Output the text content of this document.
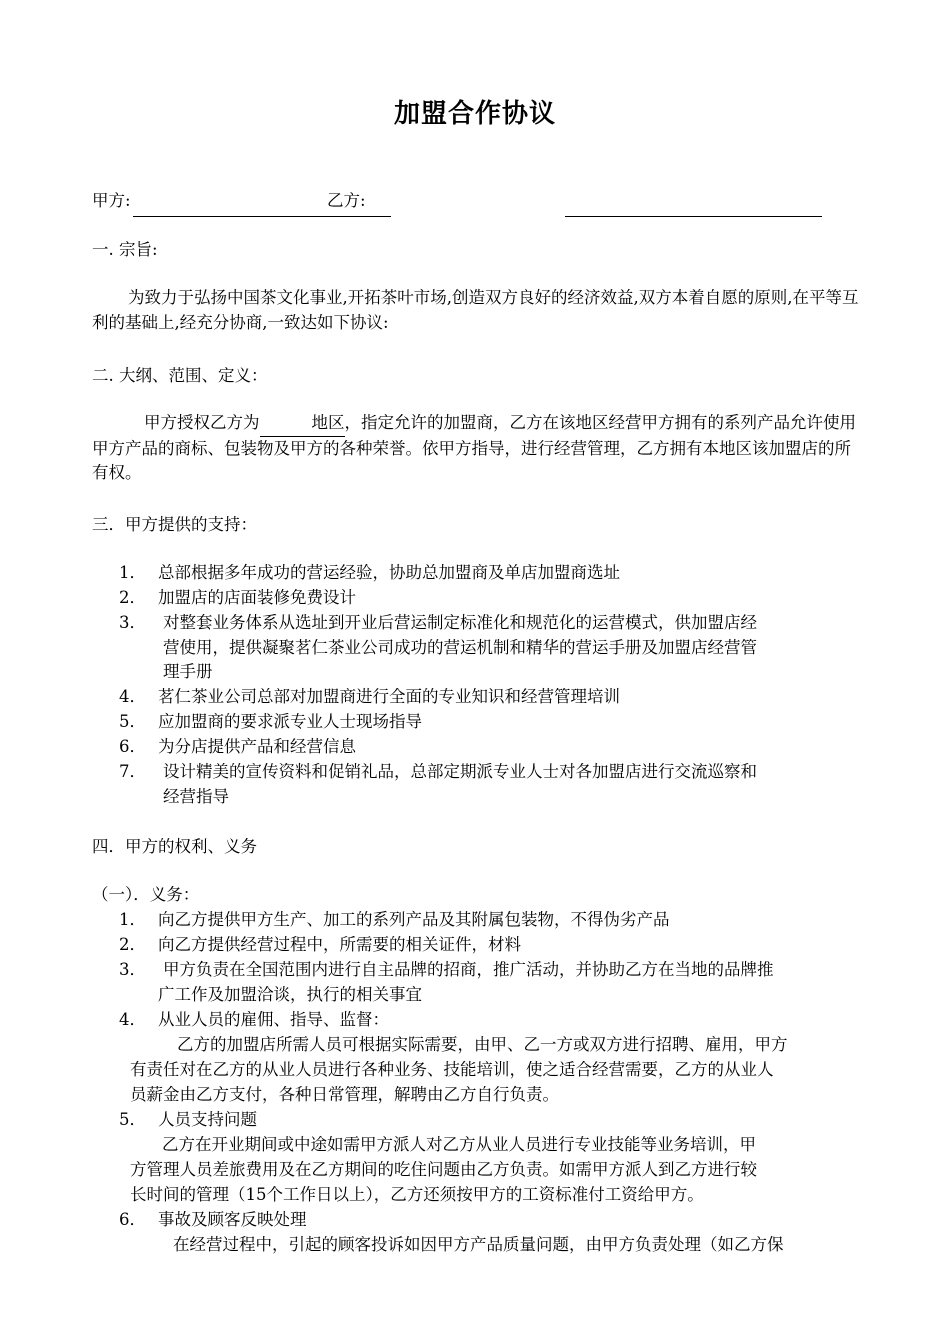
加盟合作协议
甲方:	乙方:
一. 宗旨:
为致力于弘扬中国茶文化事业,开拓茶叶市场,创造双方良好的经济效益,双方本着自愿的原则,在平等互利的基础上,经充分协商,一致达如下协议:
二. 大纲、范围、定义：
甲方授权乙方为	地区，指定允许的加盟商，乙方在该地区经营甲方拥有的系列产品允许使用甲方产品的商标、包装物及甲方的各种荣誉。依甲方指导，进行经营管理，乙方拥有本地区该加盟店的所有权。
三．甲方提供的支持：
1． 总部根据多年成功的营运经验，协助总加盟商及单店加盟商选址
2． 加盟店的店面装修免费设计
3． 对整套业务体系从选址到开业后营运制定标准化和规范化的运营模式，供加盟店经
营使用，提供凝聚茗仁茶业公司成功的营运机制和精华的营运手册及加盟店经营管
理手册
4． 茗仁茶业公司总部对加盟商进行全面的专业知识和经营管理培训
5． 应加盟商的要求派专业人士现场指导
6． 为分店提供产品和经营信息
7． 设计精美的宣传资料和促销礼品，总部定期派专业人士对各加盟店进行交流巡察和
经营指导
四．甲方的权利、义务
（一）．义务：
1． 向乙方提供甲方生产、加工的系列产品及其附属包装物，不得伪劣产品
2． 向乙方提供经营过程中，所需要的相关证件，材料
3． 甲方负责在全国范围内进行自主品牌的招商，推广活动，并协助乙方在当地的品牌推
广工作及加盟洽谈，执行的相关事宜
4． 从业人员的雇佣、指导、监督：
乙方的加盟店所需人员可根据实际需要，由甲、乙一方或双方进行招聘、雇用，甲方
有责任对在乙方的从业人员进行各种业务、技能培训，使之适合经营需要，乙方的从业人
员薪金由乙方支付，各种日常管理，解聘由乙方自行负责。
5． 人员支持问题
乙方在开业期间或中途如需甲方派人对乙方从业人员进行专业技能等业务培训，甲
方管理人员差旅费用及在乙方期间的吃住问题由乙方负责。如需甲方派人到乙方进行较
长时间的管理（15个工作日以上），乙方还须按甲方的工资标准付工资给甲方。
6． 事故及顾客反映处理
在经营过程中，引起的顾客投诉如因甲方产品质量问题，由甲方负责处理（如乙方保
